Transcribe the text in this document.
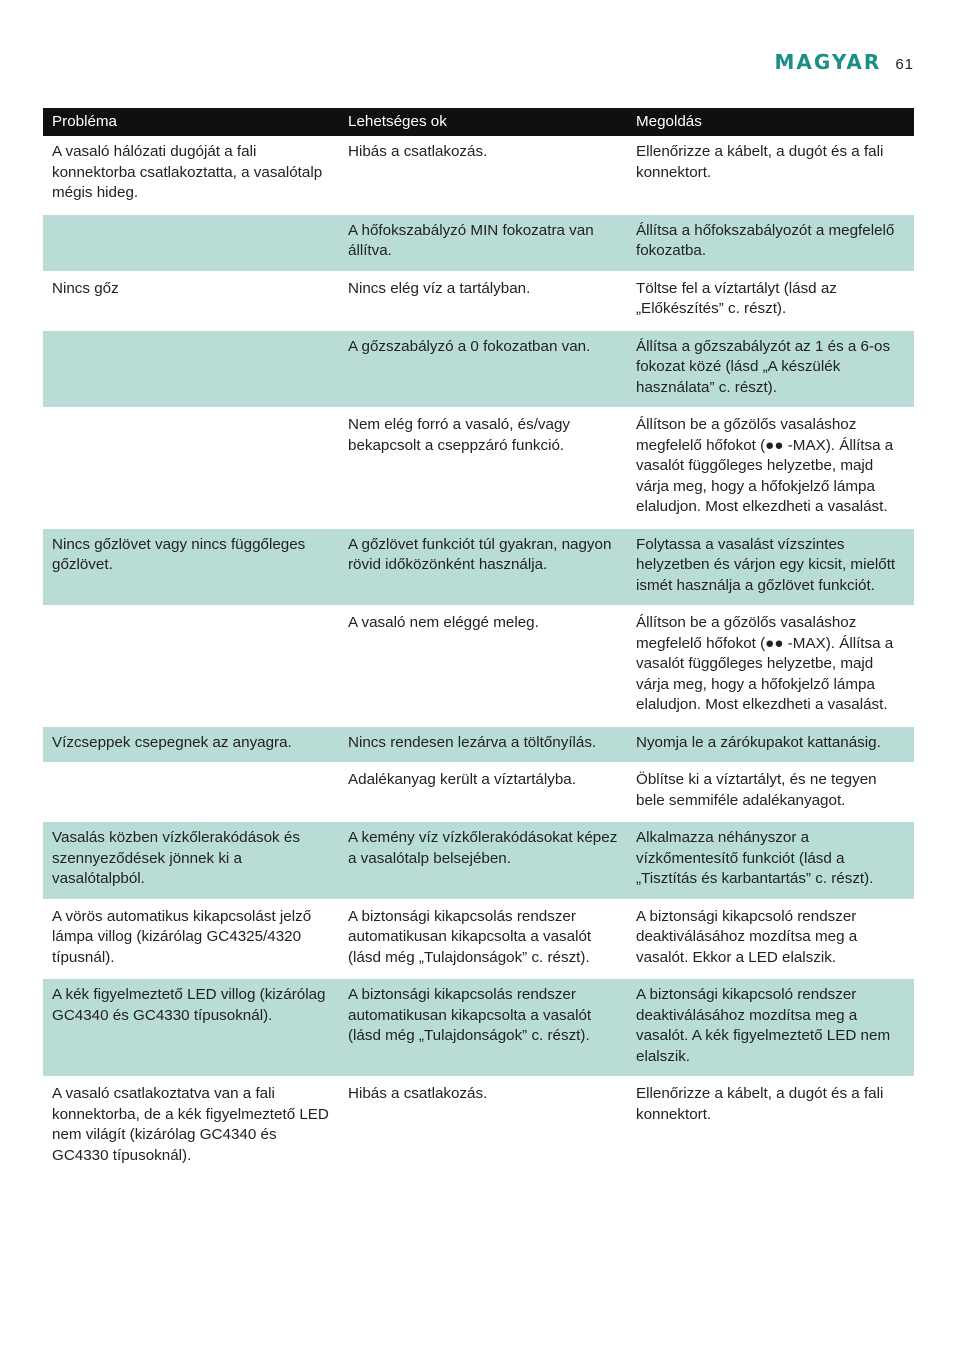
MAGYAR 61
Probléma	Lehetséges ok	Megoldás
A vasaló hálózati dugóját a fali konnektorba csatlakoztatta, a vasalótalp mégis hideg.	Hibás a csatlakozás.	Ellenőrizze a kábelt, a dugót és a fali konnektort.
	A hőfokszabályzó MIN fokozatra van állítva.	Állítsa a hőfokszabályozót a megfelelő fokozatba.
Nincs gőz	Nincs elég víz a tartályban.	Töltse fel a víztartályt (lásd az „Előkészítés” c. részt).
	A gőzszabályzó a 0 fokozatban van.	Állítsa a gőzszabályzót az 1 és a 6-os fokozat közé (lásd „A készülék használata” c. részt).
	Nem elég forró a vasaló, és/vagy bekapcsolt a cseppzáró funkció.	Állítson be a gőzölős vasaláshoz megfelelő hőfokot (●● -MAX). Állítsa a vasalót függőleges helyzetbe, majd várja meg, hogy a hőfokjelző lámpa elaludjon. Most elkezdheti a vasalást.
Nincs gőzlövet vagy nincs függőleges gőzlövet.	A gőzlövet funkciót túl gyakran, nagyon rövid időközönként használja.	Folytassa a vasalást vízszintes helyzetben és várjon egy kicsit, mielőtt ismét használja a gőzlövet funkciót.
	A vasaló nem eléggé meleg.	Állítson be a gőzölős vasaláshoz megfelelő hőfokot (●● -MAX). Állítsa a vasalót függőleges helyzetbe, majd várja meg, hogy a hőfokjelző lámpa elaludjon. Most elkezdheti a vasalást.
Vízcseppek csepegnek az anyagra.	Nincs rendesen lezárva a töltőnyílás.	Nyomja le a zárókupakot kattanásig.
	Adalékanyag került a víztartályba.	Öblítse ki a víztartályt, és ne tegyen bele semmiféle adalékanyagot.
Vasalás közben vízkőlerakódások és szennyeződések jönnek ki a vasalótalpból.	A kemény víz vízkőlerakódásokat képez a vasalótalp belsejében.	Alkalmazza néhányszor a vízkőmentesítő funkciót (lásd a „Tisztítás és karbantartás” c. részt).
A vörös automatikus kikapcsolást jelző lámpa villog (kizárólag GC4325/4320 típusnál).	A biztonsági kikapcsolás rendszer automatikusan kikapcsolta a vasalót (lásd még „Tulajdonságok” c. részt).	A biztonsági kikapcsoló rendszer deaktiválásához mozdítsa meg a vasalót. Ekkor a LED elalszik.
A kék figyelmeztető LED villog (kizárólag GC4340 és GC4330 típusoknál).	A biztonsági kikapcsolás rendszer automatikusan kikapcsolta a vasalót (lásd még „Tulajdonságok” c. részt).	A biztonsági kikapcsoló rendszer deaktiválásához mozdítsa meg a vasalót. A kék figyelmeztető LED nem elalszik.
A vasaló csatlakoztatva van a fali konnektorba, de a kék figyelmeztető LED nem világít (kizárólag GC4340 és GC4330 típusoknál).	Hibás a csatlakozás.	Ellenőrizze a kábelt, a dugót és a fali konnektort.
